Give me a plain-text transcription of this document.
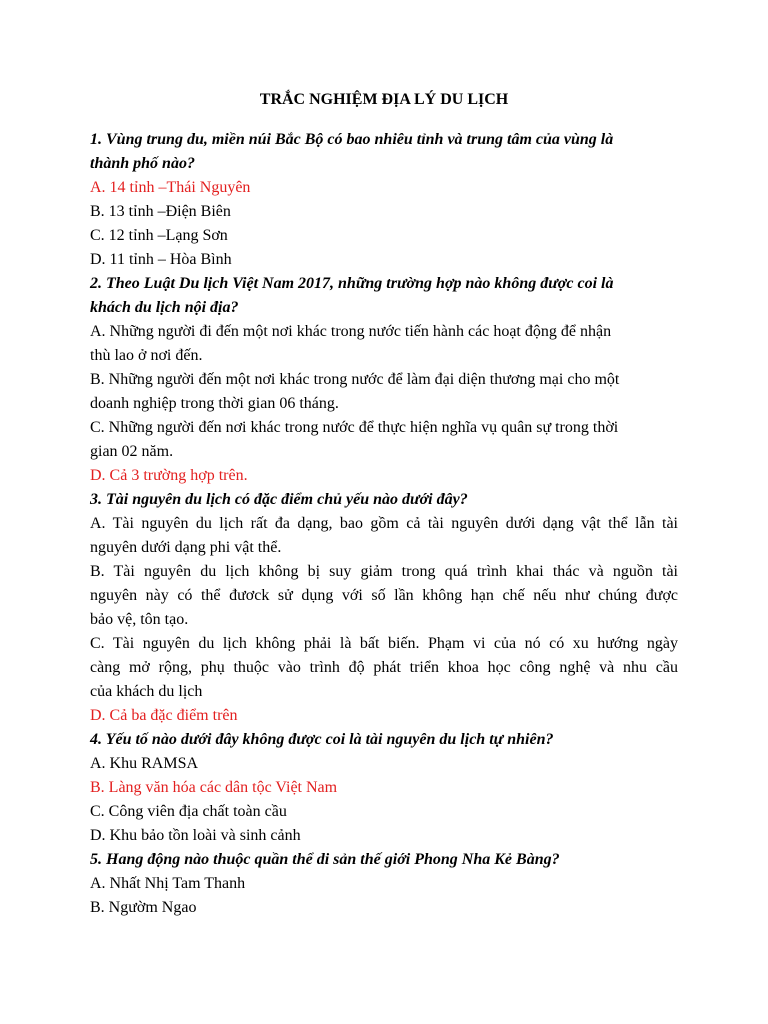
TRẮC NGHIỆM ĐỊA LÝ DU LỊCH
1. Vùng trung du, miền núi Bắc Bộ có bao nhiêu tỉnh và trung tâm của vùng là
thành phố nào?
A. 14 tỉnh –Thái Nguyên
B. 13 tỉnh –Điện Biên
C. 12 tỉnh –Lạng Sơn
D. 11 tỉnh – Hòa Bình
2. Theo Luật Du lịch Việt Nam 2017, những trường hợp nào không được coi là
khách du lịch nội địa?
A. Những người đi đến một nơi khác trong nước tiến hành các hoạt động để nhận
thù lao ở nơi đến.
B. Những người đến một nơi khác trong nước để làm đại diện thương mại cho một
doanh nghiệp trong thời gian 06 tháng.
C. Những người đến nơi khác trong nước để thực hiện nghĩa vụ quân sự trong thời
gian 02 năm.
D. Cả 3 trường hợp trên.
3. Tài nguyên du lịch có đặc điểm chủ yếu nào dưới đây?
A. Tài nguyên du lịch rất đa dạng, bao gồm cả tài nguyên dưới dạng vật thể lẫn tài
nguyên dưới dạng phi vật thể.
B. Tài nguyên du lịch không bị suy giảm trong quá trình khai thác và nguồn tài
nguyên này có thể đươck sử dụng với số lần không hạn chế nếu như chúng được
bảo vệ, tôn tạo.
C. Tài nguyên du lịch không phải là bất biến. Phạm vi của nó có xu hướng ngày
càng mở rộng, phụ thuộc vào trình độ phát triển khoa học công nghệ và nhu cầu
của khách du lịch
D. Cả ba đặc điểm trên
4. Yếu tố nào dưới đây không được coi là tài nguyên du lịch tự nhiên?
A. Khu RAMSA
B. Làng văn hóa các dân tộc Việt Nam
C. Công viên địa chất toàn cầu
D. Khu bảo tồn loài và sinh cảnh
5. Hang động nào thuộc quần thể di sản thế giới Phong Nha Kẻ Bàng?
A. Nhất Nhị Tam Thanh
B. Ngườm Ngao
